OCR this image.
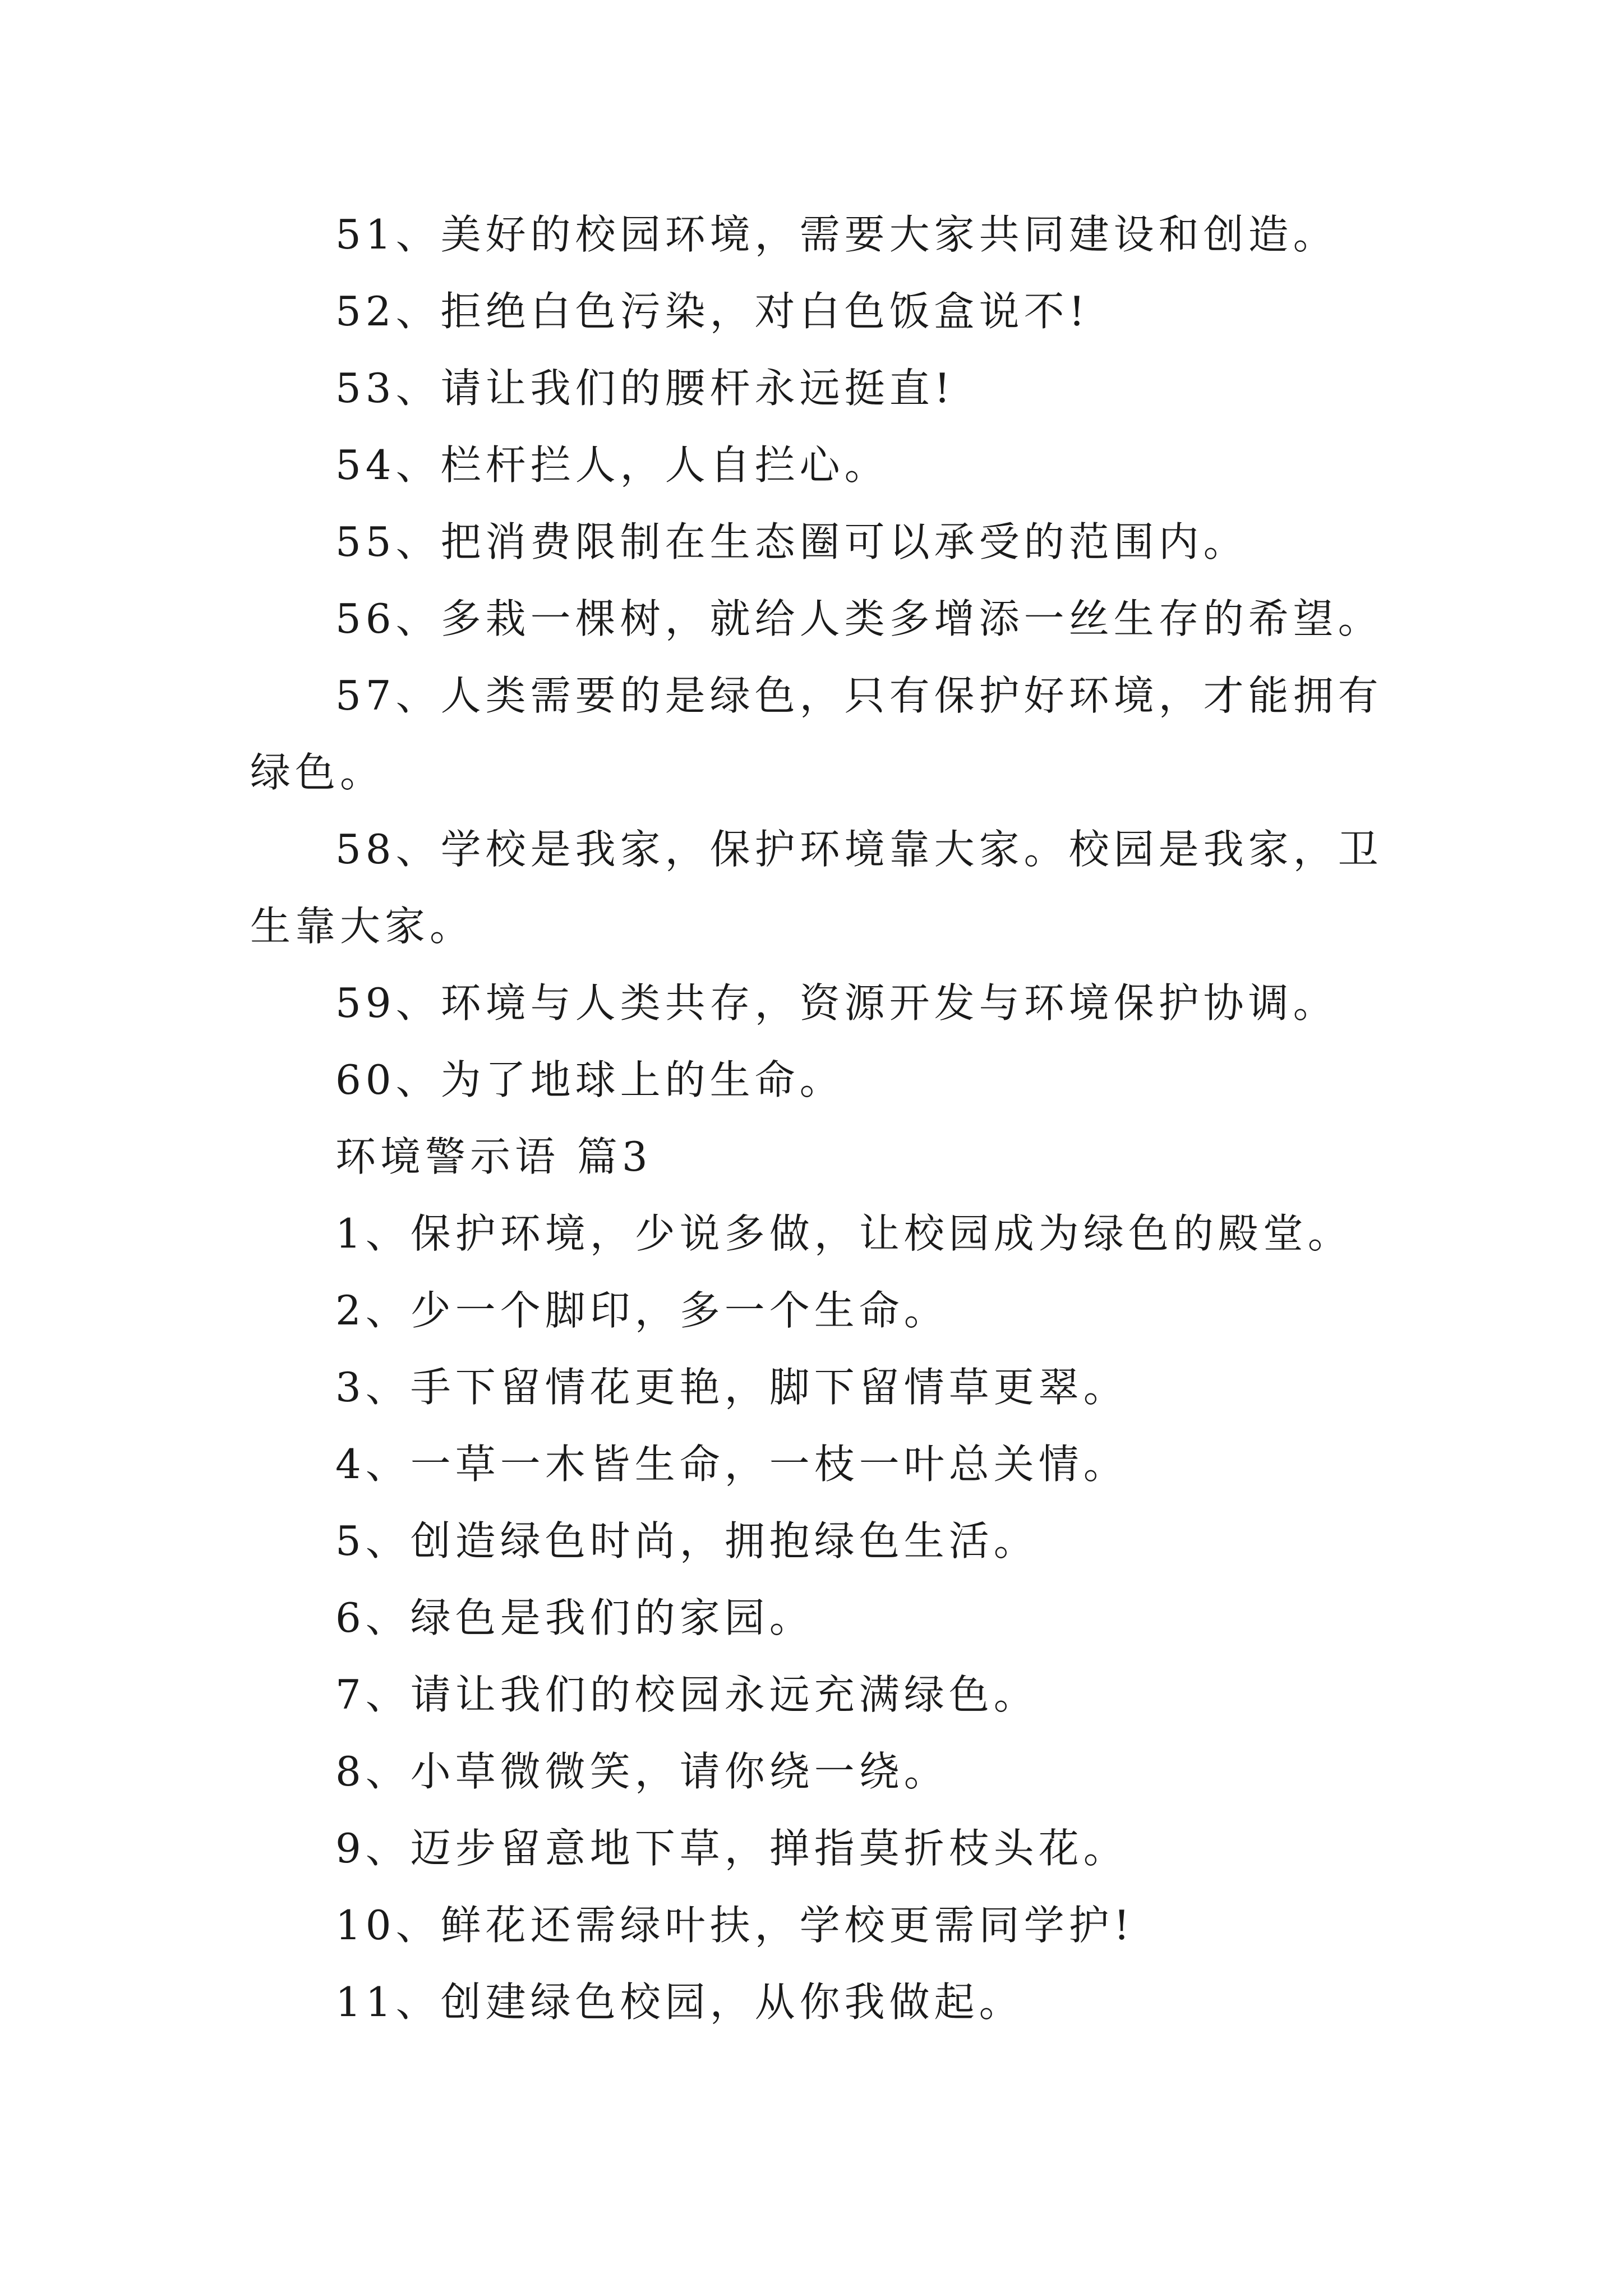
51、美好的校园环境，需要大家共同建设和创造。

52、拒绝白色污染，对白色饭盒说不!

53、请让我们的腰杆永远挺直!

54、栏杆拦人，人自拦心。

55、把消费限制在生态圈可以承受的范围内。

56、多栽一棵树，就给人类多增添一丝生存的希望。

57、人类需要的是绿色，只有保护好环境，才能拥有绿色。

58、学校是我家，保护环境靠大家。校园是我家，卫生靠大家。

59、环境与人类共存，资源开发与环境保护协调。

60、为了地球上的生命。

环境警示语 篇3

1、保护环境，少说多做，让校园成为绿色的殿堂。

2、少一个脚印，多一个生命。

3、手下留情花更艳，脚下留情草更翠。

4、一草一木皆生命，一枝一叶总关情。

5、创造绿色时尚，拥抱绿色生活。

6、绿色是我们的家园。

7、请让我们的校园永远充满绿色。

8、小草微微笑，请你绕一绕。

9、迈步留意地下草，掸指莫折枝头花。

10、鲜花还需绿叶扶，学校更需同学护!

11、创建绿色校园，从你我做起。
